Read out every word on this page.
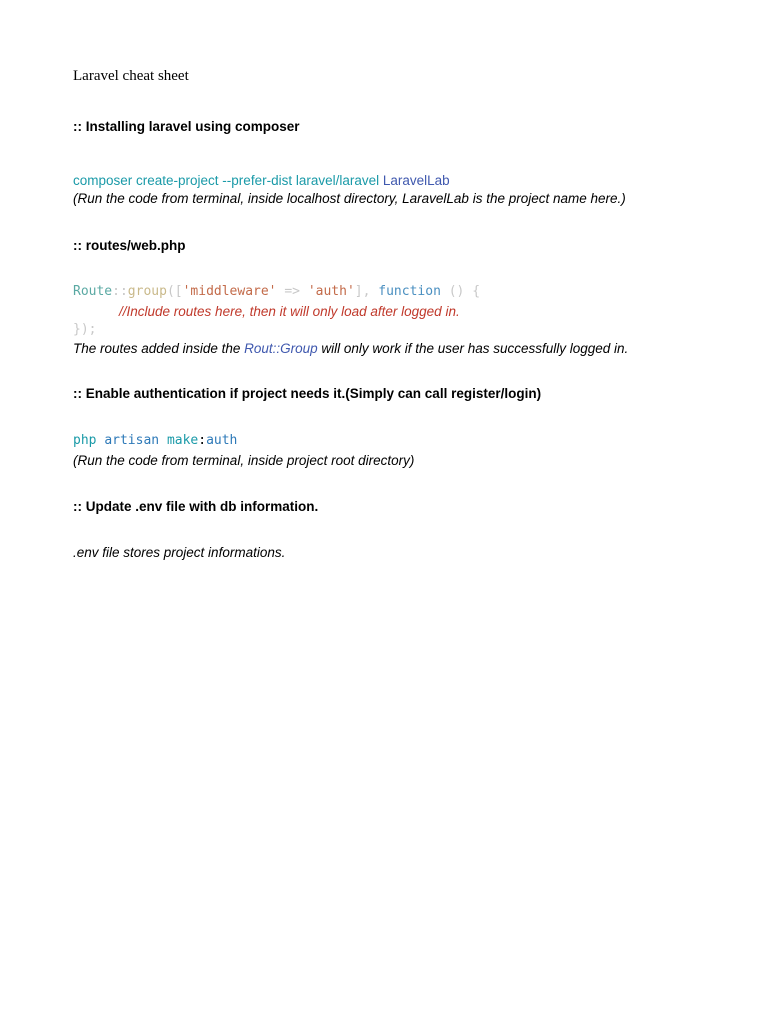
Laravel cheat sheet
:: Installing laravel using composer
composer create-project --prefer-dist laravel/laravel LaravelLab
(Run the code from terminal, inside localhost directory, LaravelLab is the project name here.)
:: routes/web.php
Route::group(['middleware' => 'auth'], function () {
//Include routes here, then it will only load after logged in.
});
The routes added inside the Rout::Group will only work if the user has successfully logged in.
:: Enable authentication if project needs it.(Simply can call register/login)
php artisan make:auth
(Run the code from terminal, inside project root directory)
:: Update .env file with db information.
.env file stores project informations.
